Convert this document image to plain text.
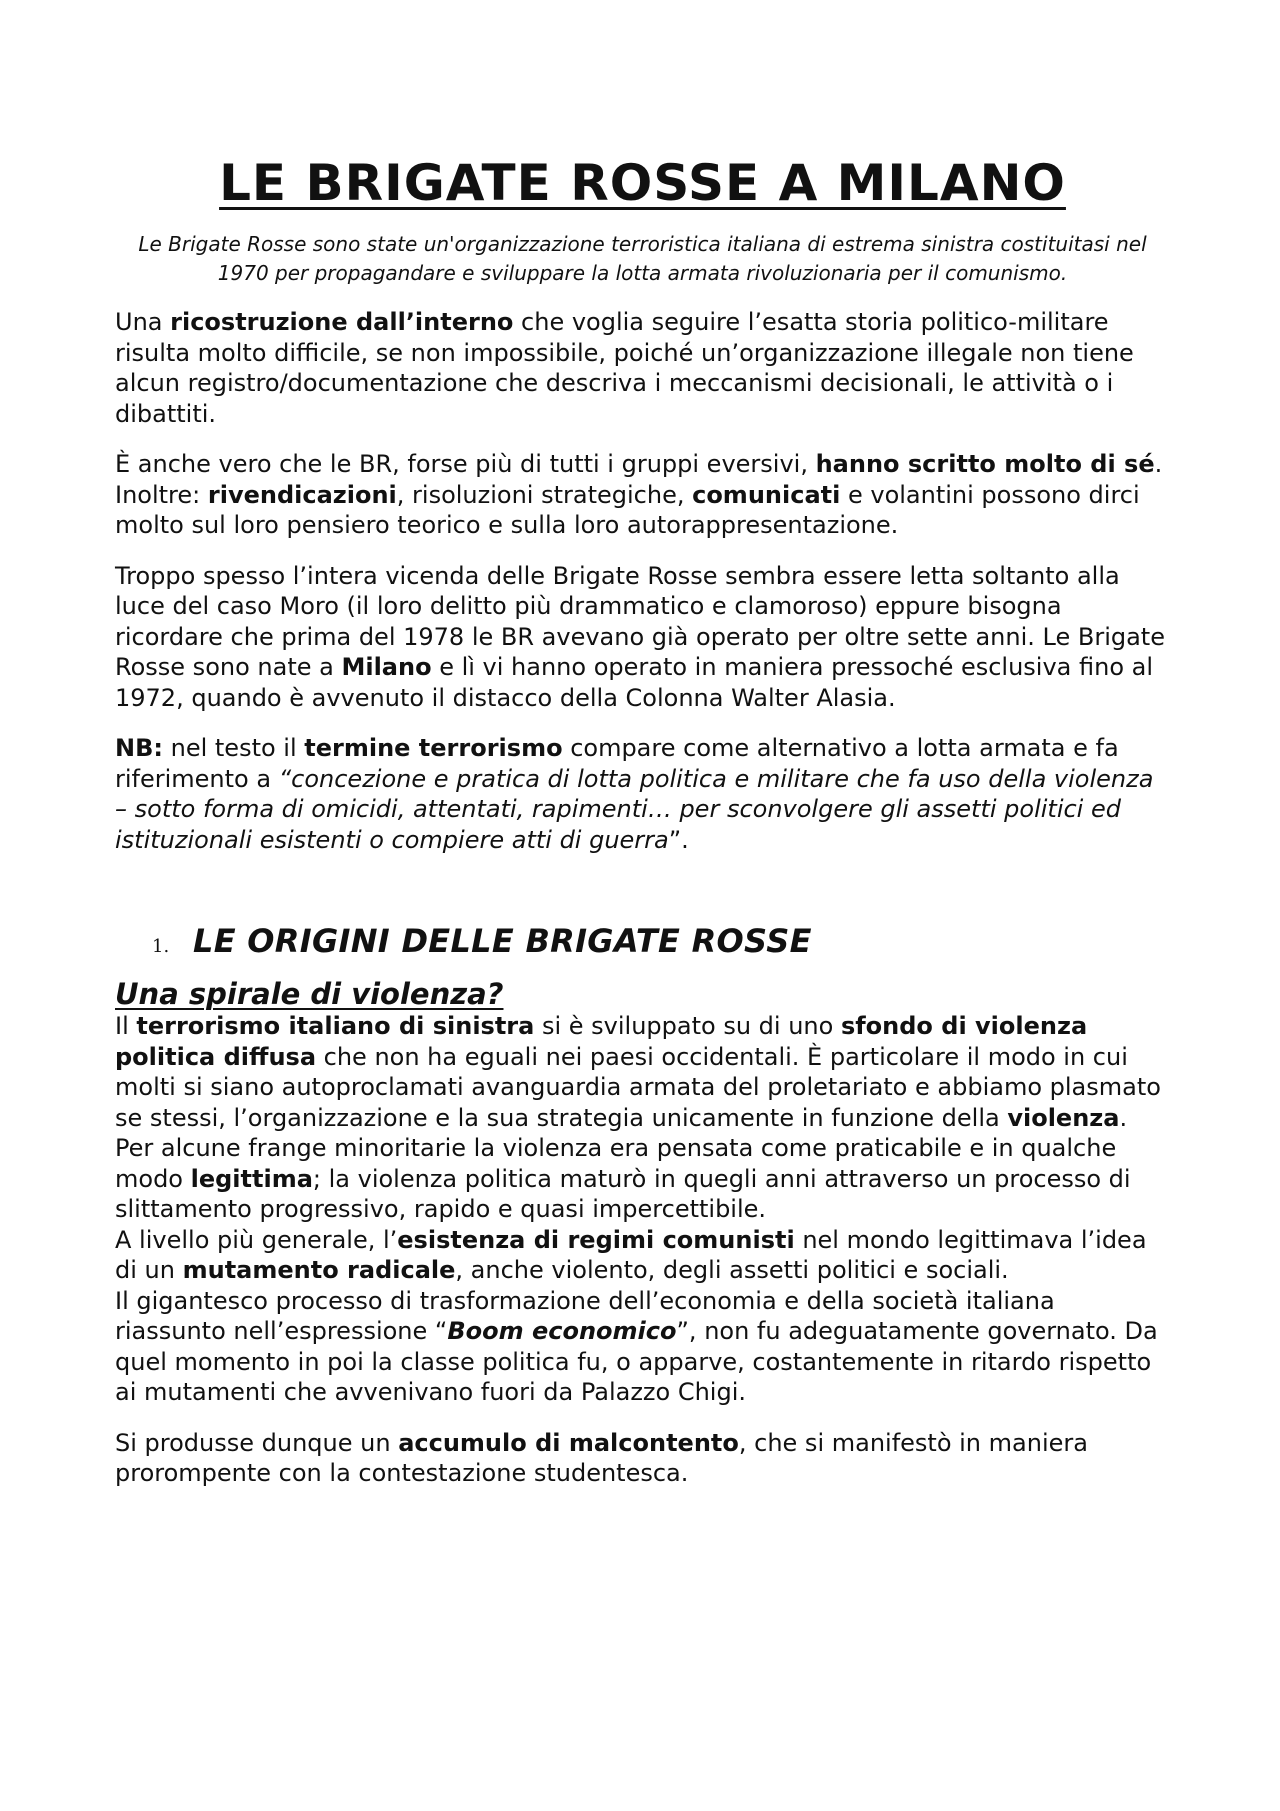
LE BRIGATE ROSSE A MILANO

Le Brigate Rosse sono state un'organizzazione terroristica italiana di estrema sinistra costituitasi nel 1970 per propagandare e sviluppare la lotta armata rivoluzionaria per il comunismo.

Una ricostruzione dall’interno che voglia seguire l’esatta storia politico-militare risulta molto difficile, se non impossibile, poiché un’organizzazione illegale non tiene alcun registro/documentazione che descriva i meccanismi decisionali, le attività o i dibattiti.

È anche vero che le BR, forse più di tutti i gruppi eversivi, hanno scritto molto di sé. Inoltre: rivendicazioni, risoluzioni strategiche, comunicati e volantini possono dirci molto sul loro pensiero teorico e sulla loro autorappresentazione.

Troppo spesso l’intera vicenda delle Brigate Rosse sembra essere letta soltanto alla luce del caso Moro (il loro delitto più drammatico e clamoroso) eppure bisogna ricordare che prima del 1978 le BR avevano già operato per oltre sette anni. Le Brigate Rosse sono nate a Milano e lì vi hanno operato in maniera pressoché esclusiva fino al 1972, quando è avvenuto il distacco della Colonna Walter Alasia.

NB: nel testo il termine terrorismo compare come alternativo a lotta armata e fa riferimento a “concezione e pratica di lotta politica e militare che fa uso della violenza – sotto forma di omicidi, attentati, rapimenti… per sconvolgere gli assetti politici ed istituzionali esistenti o compiere atti di guerra”.

1. LE ORIGINI DELLE BRIGATE ROSSE
Una spirale di violenza?

Il terrorismo italiano di sinistra si è sviluppato su di uno sfondo di violenza politica diffusa che non ha eguali nei paesi occidentali. È particolare il modo in cui molti si siano autoproclamati avanguardia armata del proletariato e abbiamo plasmato se stessi, l’organizzazione e la sua strategia unicamente in funzione della violenza.

Per alcune frange minoritarie la violenza era pensata come praticabile e in qualche modo legittima; la violenza politica maturò in quegli anni attraverso un processo di slittamento progressivo, rapido e quasi impercettibile.

A livello più generale, l’esistenza di regimi comunisti nel mondo legittimava l’idea di un mutamento radicale, anche violento, degli assetti politici e sociali.

Il gigantesco processo di trasformazione dell’economia e della società italiana riassunto nell’espressione “Boom economico”, non fu adeguatamente governato. Da quel momento in poi la classe politica fu, o apparve, costantemente in ritardo rispetto ai mutamenti che avvenivano fuori da Palazzo Chigi.

Si produsse dunque un accumulo di malcontento, che si manifestò in maniera prorompente con la contestazione studentesca.
